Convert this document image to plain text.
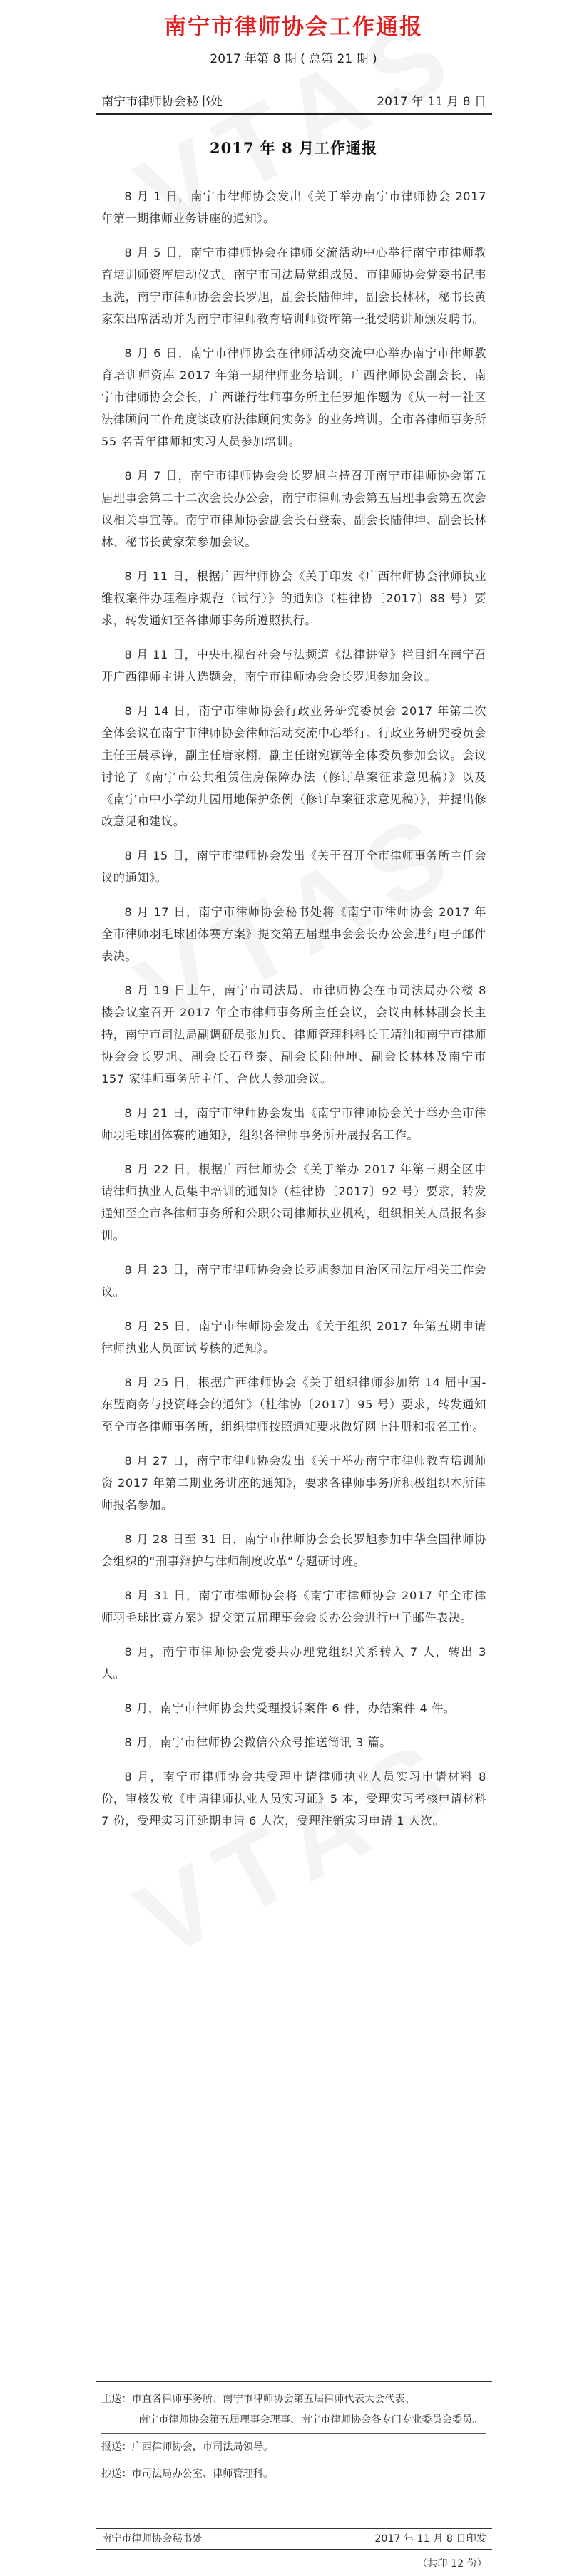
南宁市律师协会工作通报
2017 年第 8 期 ( 总第 21 期 )
南宁市律师协会秘书处	2017 年 11 月 8 日
2017 年 8 月工作通报

8 月 1 日，南宁市律师协会发出《关于举办南宁市律师协会 2017 年第一期律师业务讲座的通知》。

8 月 5 日，南宁市律师协会在律师交流活动中心举行南宁市律师教育培训师资库启动仪式。南宁市司法局党组成员、市律师协会党委书记韦玉洗，南宁市律师协会会长罗旭，副会长陆伸坤，副会长林林，秘书长黄家荣出席活动并为南宁市律师教育培训师资库第一批受聘讲师颁发聘书。

8 月 6 日，南宁市律师协会在律师活动交流中心举办南宁市律师教育培训师资库 2017 年第一期律师业务培训。广西律师协会副会长、南宁市律师协会会长，广西谦行律师事务所主任罗旭作题为《从一村一社区法律顾问工作角度谈政府法律顾问实务》的业务培训。全市各律师事务所 55 名青年律师和实习人员参加培训。

8 月 7 日，南宁市律师协会会长罗旭主持召开南宁市律师协会第五届理事会第二十二次会长办公会，南宁市律师协会第五届理事会第五次会议相关事宜等。南宁市律师协会副会长石登泰、副会长陆伸坤、副会长林林、秘书长黄家荣参加会议。

8 月 11 日，根据广西律师协会《关于印发《广西律师协会律师执业维权案件办理程序规范（试行）》的通知》（桂律协〔2017〕88 号）要求，转发通知至各律师事务所遵照执行。

8 月 11 日，中央电视台社会与法频道《法律讲堂》栏目组在南宁召开广西律师主讲人选题会，南宁市律师协会会长罗旭参加会议。

8 月 14 日，南宁市律师协会行政业务研究委员会 2017 年第二次全体会议在南宁市律师协会律师活动交流中心举行。行政业务研究委员会主任王晨承锋，副主任唐家栩，副主任谢宛颖等全体委员参加会议。会议讨论了《南宁市公共租赁住房保障办法（修订草案征求意见稿）》以及《南宁市中小学幼儿园用地保护条例（修订草案征求意见稿）》，并提出修改意见和建议。

8 月 15 日，南宁市律师协会发出《关于召开全市律师事务所主任会议的通知》。

8 月 17 日，南宁市律师协会秘书处将《南宁市律师协会 2017 年全市律师羽毛球团体赛方案》提交第五届理事会会长办公会进行电子邮件表决。

8 月 19 日上午，南宁市司法局、市律师协会在市司法局办公楼 8 楼会议室召开 2017 年全市律师事务所主任会议，会议由林林副会长主持，南宁市司法局副调研员张加兵、律师管理科科长王靖汕和南宁市律师协会会长罗旭、副会长石登泰、副会长陆伸坤、副会长林林及南宁市 157 家律师事务所主任、合伙人参加会议。

8 月 21 日，南宁市律师协会发出《南宁市律师协会关于举办全市律师羽毛球团体赛的通知》，组织各律师事务所开展报名工作。

8 月 22 日，根据广西律师协会《关于举办 2017 年第三期全区申请律师执业人员集中培训的通知》（桂律协〔2017〕92 号）要求，转发通知至全市各律师事务所和公职公司律师执业机构，组织相关人员报名参训。

8 月 23 日，南宁市律师协会会长罗旭参加自治区司法厅相关工作会议。

8 月 25 日，南宁市律师协会发出《关于组织 2017 年第五期申请律师执业人员面试考核的通知》。

8 月 25 日，根据广西律师协会《关于组织律师参加第 14 届中国-东盟商务与投资峰会的通知》（桂律协〔2017〕95 号）要求，转发通知至全市各律师事务所，组织律师按照通知要求做好网上注册和报名工作。

8 月 27 日，南宁市律师协会发出《关于举办南宁市律师教育培训师资 2017 年第二期业务讲座的通知》，要求各律师事务所积极组织本所律师报名参加。

8 月 28 日至 31 日，南宁市律师协会会长罗旭参加中华全国律师协会组织的“刑事辩护与律师制度改革”专题研讨班。

8 月 31 日，南宁市律师协会将《南宁市律师协会 2017 年全市律师羽毛球比赛方案》提交第五届理事会会长办公会进行电子邮件表决。

8 月，南宁市律师协会党委共办理党组织关系转入 7 人，转出 3 人。

8 月，南宁市律师协会共受理投诉案件 6 件，办结案件 4 件。

8 月，南宁市律师协会微信公众号推送简讯 3 篇。

8 月，南宁市律师协会共受理申请律师执业人员实习申请材料 8 份，审核发放《申请律师执业人员实习证》5 本，受理实习考核申请材料 7 份，受理实习证延期申请 6 人次，受理注销实习申请 1 人次。

主送：市直各律师事务所、南宁市律师协会第五届律师代表大会代表、
南宁市律师协会第五届理事会理事、南宁市律师协会各专门专业委员会委员。
报送：广西律师协会，市司法局领导。
抄送：市司法局办公室、律师管理科。
南宁市律师协会秘书处	2017 年 11 月 8 日印发
（共印 12 份）
